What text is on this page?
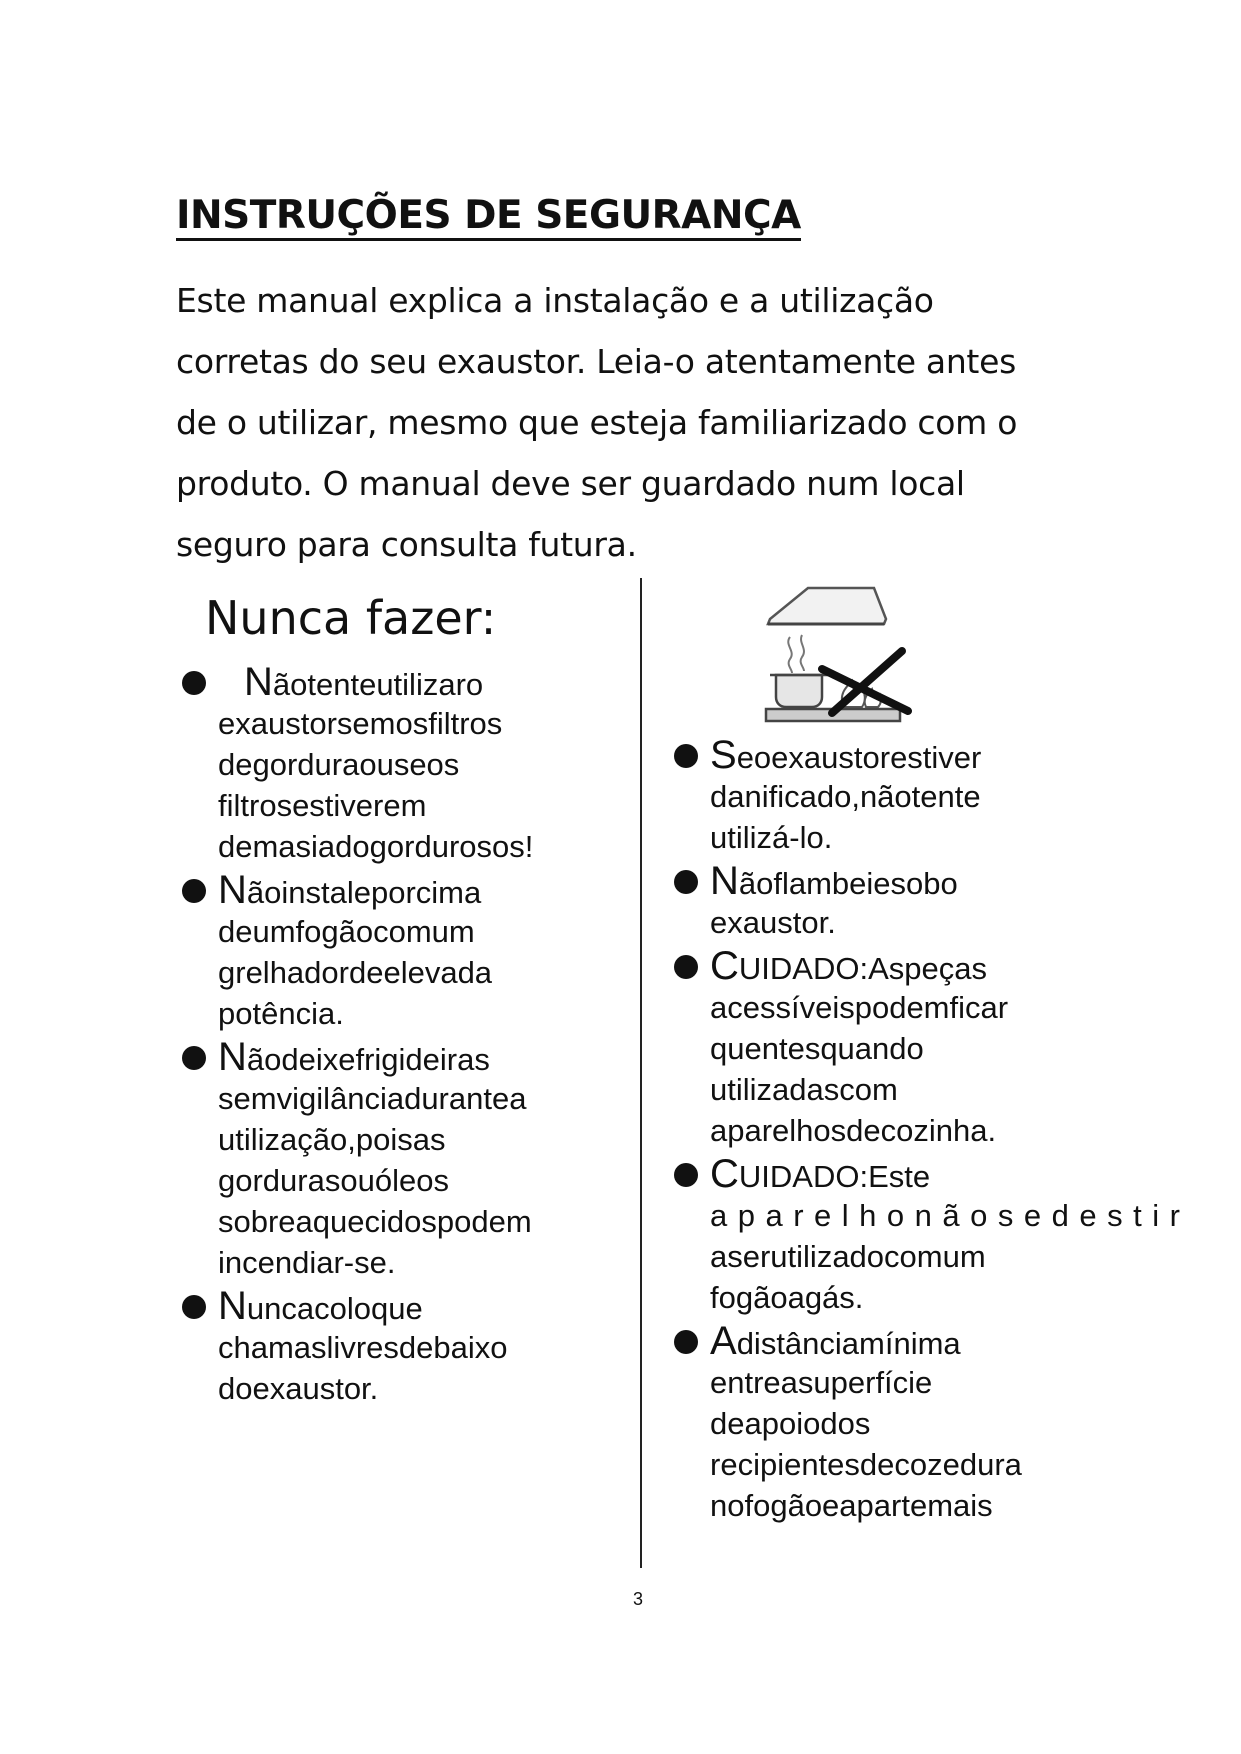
INSTRUÇÕES DE SEGURANÇA
Este manual explica a instalação e a utilização
corretas do seu exaustor. Leia-o atentamente antes
de o utilizar, mesmo que esteja familiarizado com o
produto. O manual deve ser guardado num local
seguro para consulta futura.
Nunca fazer:
Nãotenteutilizaro
exaustorsemosfiltros
degorduraouseos
filtrosestiverem
demasiadogordurosos!
Nãoinstaleporcima
deumfogãocomum
grelhadordeelevada
potência.
Nãodeixefrigideiras
semvigilânciadurantea
utilização,poisas
gordurasouóleos
sobreaquecidospodem
incendiar-se.
Nuncacoloque
chamaslivresdebaixo
doexaustor.
Seoexaustorestiver
danificado,nãotente
utilizá-lo.
Nãoflambeiesobo
exaustor.
CUIDADO:Aspeças
acessíveispodemficar
quentesquando
utilizadascom
aparelhosdecozinha.
CUIDADO:Este
aparelhonãosedestir
aserutilizadocomum
fogãoagás.
Adistânciamínima
entreasuperfície
deapoiodos
recipientesdecozedura
nofogãoeapartemais
3
